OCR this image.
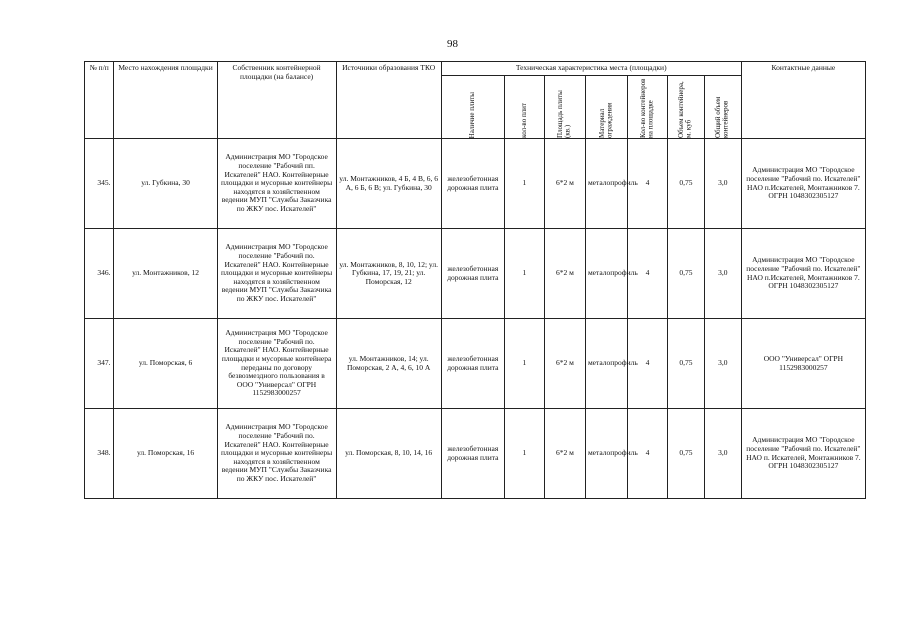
98
№ п/п	Место нахождения площадки	Собственник контейнерной площадки (на балансе)	Источники образования ТКО	Техническая характеристика места (площадки)							Контактные данные

				Наличие плиты	кол-во плит	Площадь плиты (кв.)	Материал ограждения	Кол-во контейнеров на площадке	Объем контейнера, м. куб	Общий объем контейнеров	

345.	ул. Губкина, 30	Администрация МО "Городское поселение "Рабочий пп. Искателей" НАО. Контейнерные площадки и мусорные контейнеры находятся в хозяйственном ведении МУП "Службы Заказчика по ЖКУ пос. Искателей"	ул. Монтажников, 4 Б, 4 В, 6, 6 А, 6 Б, 6 В; ул. Губкина, 30	железобетонная дорожная плита	1	6*2 м	металопрофиль	4	0,75	3,0	Администрация МО "Городское поселение "Рабочий по. Искателей" НАО п.Искателей, Монтажников 7. ОГРН 1048302305127
346.	ул. Монтажников, 12	Администрация МО "Городское поселение "Рабочий по. Искателей" НАО. Контейнерные площадки и мусорные контейнеры находятся в хозяйственном ведении МУП "Службы Заказчика по ЖКУ пос. Искателей"	ул. Монтажников, 8, 10, 12; ул. Губкина, 17, 19, 21; ул. Поморская, 12	железобетонная дорожная плита	1	6*2 м	металопрофиль	4	0,75	3,0	Администрация МО "Городское поселение "Рабочий по. Искателей" НАО п.Искателей, Монтажников 7. ОГРН 1048302305127
347.	ул. Поморская, 6	Администрация МО "Городское поселение "Рабочий по. Искателей" НАО. Контейнерные площадки и мусорные контейнера переданы по договору безвозмездного пользования в ООО "Универсал" ОГРН 1152983000257	ул. Монтажников, 14; ул. Поморская, 2 А, 4, 6, 10 А	железобетонная дорожная плита	1	6*2 м	металопрофиль	4	0,75	3,0	ООО "Универсал" ОГРН 1152983000257
348.	ул. Поморская, 16	Администрация МО "Городское поселение "Рабочий по. Искателей" НАО. Контейнерные площадки и мусорные контейнеры находятся в хозяйственном ведении МУП "Службы Заказчика по ЖКУ пос. Искателей"	ул. Поморская, 8, 10, 14, 16	железобетонная дорожная плита	1	6*2 м	металопрофиль	4	0,75	3,0	Администрация МО "Городское поселение "Рабочий по. Искателей" НАО п. Искателей, Монтажников 7. ОГРН 1048302305127
